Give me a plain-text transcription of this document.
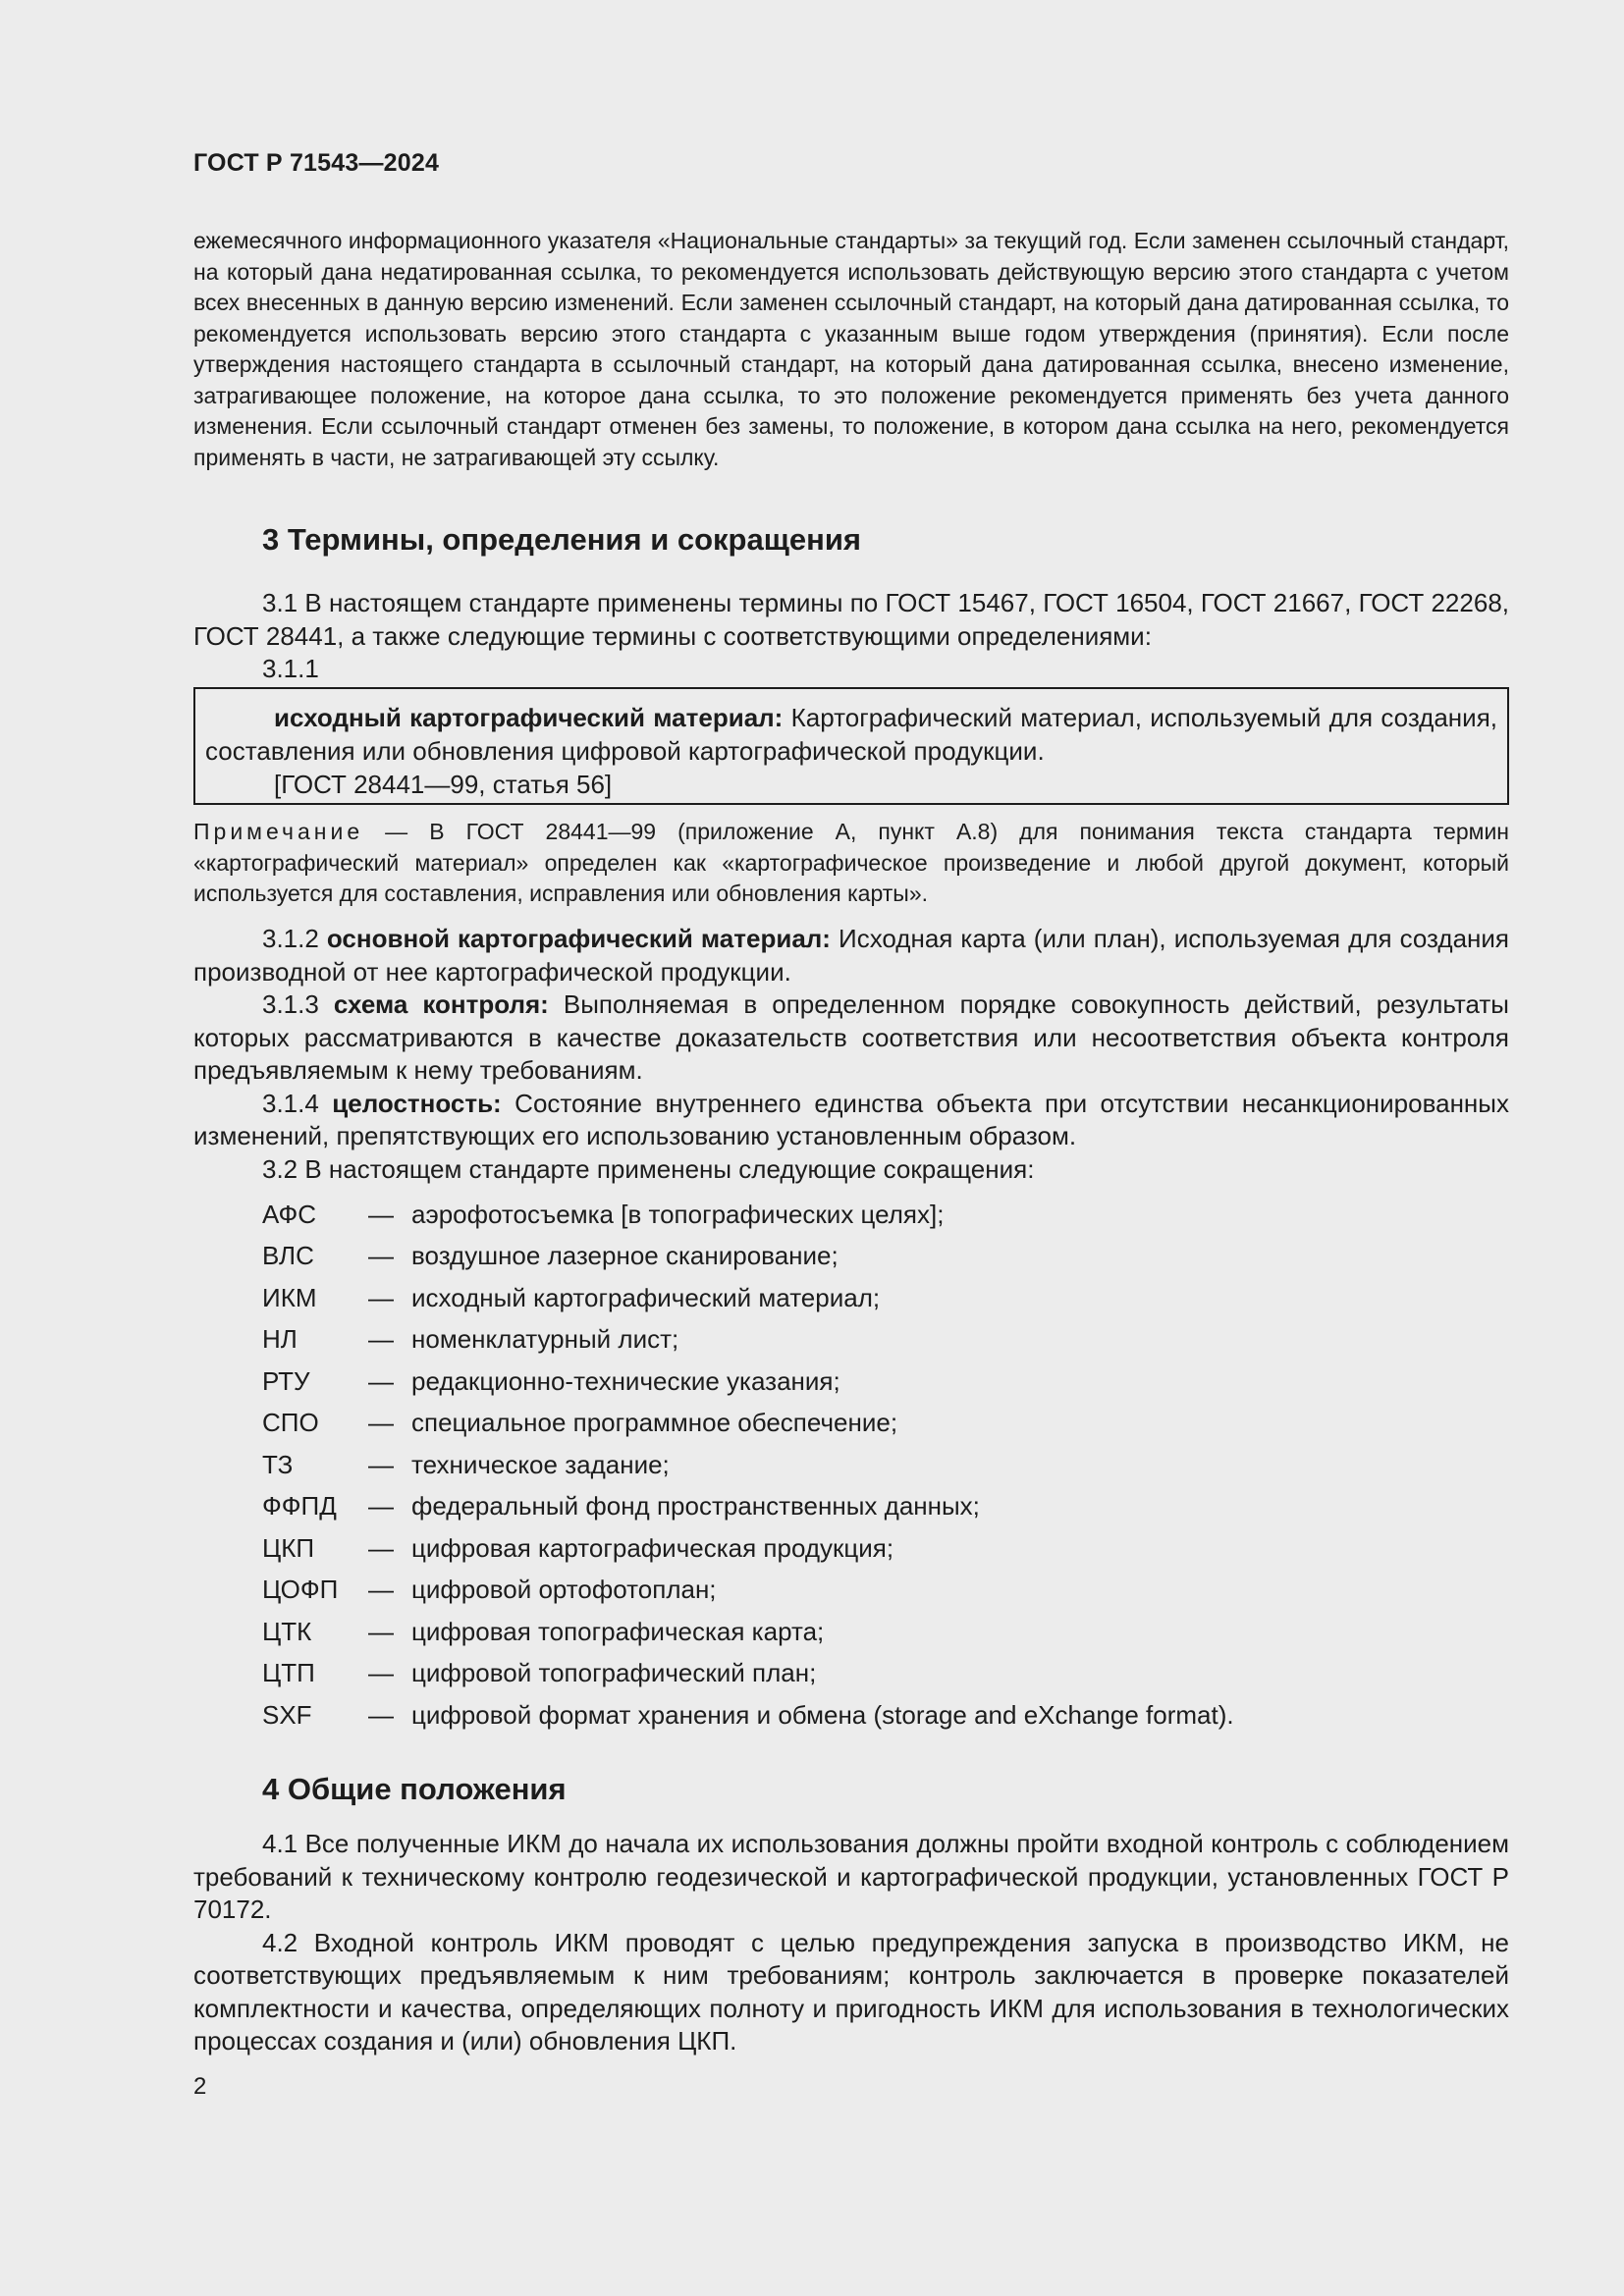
ГОСТ Р 71543—2024

ежемесячного информационного указателя «Национальные стандарты» за текущий год. Если заменен ссылочный стандарт, на который дана недатированная ссылка, то рекомендуется использовать действующую версию этого стандарта с учетом всех внесенных в данную версию изменений. Если заменен ссылочный стандарт, на который дана датированная ссылка, то рекомендуется использовать версию этого стандарта с указанным выше годом утверждения (принятия). Если после утверждения настоящего стандарта в ссылочный стандарт, на который дана датированная ссылка, внесено изменение, затрагивающее положение, на которое дана ссылка, то это положение рекомендуется применять без учета данного изменения. Если ссылочный стандарт отменен без замены, то положение, в котором дана ссылка на него, рекомендуется применять в части, не затрагивающей эту ссылку.

3 Термины, определения и сокращения

3.1 В настоящем стандарте применены термины по ГОСТ 15467, ГОСТ 16504, ГОСТ 21667, ГОСТ 22268, ГОСТ 28441, а также следующие термины с соответствующими определениями:

3.1.1

исходный картографический материал: Картографический материал, используемый для создания, составления или обновления цифровой картографической продукции.

[ГОСТ 28441—99, статья 56]

Примечание — В ГОСТ 28441—99 (приложение А, пункт А.8) для понимания текста стандарта термин «картографический материал» определен как «картографическое произведение и любой другой документ, который используется для составления, исправления или обновления карты».

3.1.2 основной картографический материал: Исходная карта (или план), используемая для создания производной от нее картографической продукции.

3.1.3 схема контроля: Выполняемая в определенном порядке совокупность действий, результаты которых рассматриваются в качестве доказательств соответствия или несоответствия объекта контроля предъявляемым к нему требованиям.

3.1.4 целостность: Состояние внутреннего единства объекта при отсутствии несанкционированных изменений, препятствующих его использованию установленным образом.

3.2 В настоящем стандарте применены следующие сокращения:

АФС	— аэрофотосъемка [в топографических целях];
ВЛС	— воздушное лазерное сканирование;
ИКМ	— исходный картографический материал;
НЛ	— номенклатурный лист;
РТУ	— редакционно-технические указания;
СПО	— специальное программное обеспечение;
ТЗ	— техническое задание;
ФФПД	— федеральный фонд пространственных данных;
ЦКП	— цифровая картографическая продукция;
ЦОФП	— цифровой ортофотоплан;
ЦТК	— цифровая топографическая карта;
ЦТП	— цифровой топографический план;
SXF	— цифровой формат хранения и обмена (storage and eXchange format).
4 Общие положения

4.1 Все полученные ИКМ до начала их использования должны пройти входной контроль с соблюдением требований к техническому контролю геодезической и картографической продукции, установленных ГОСТ Р 70172.

4.2 Входной контроль ИКМ проводят с целью предупреждения запуска в производство ИКМ, не соответствующих предъявляемым к ним требованиям; контроль заключается в проверке показателей комплектности и качества, определяющих полноту и пригодность ИКМ для использования в технологических процессах создания и (или) обновления ЦКП.

2
